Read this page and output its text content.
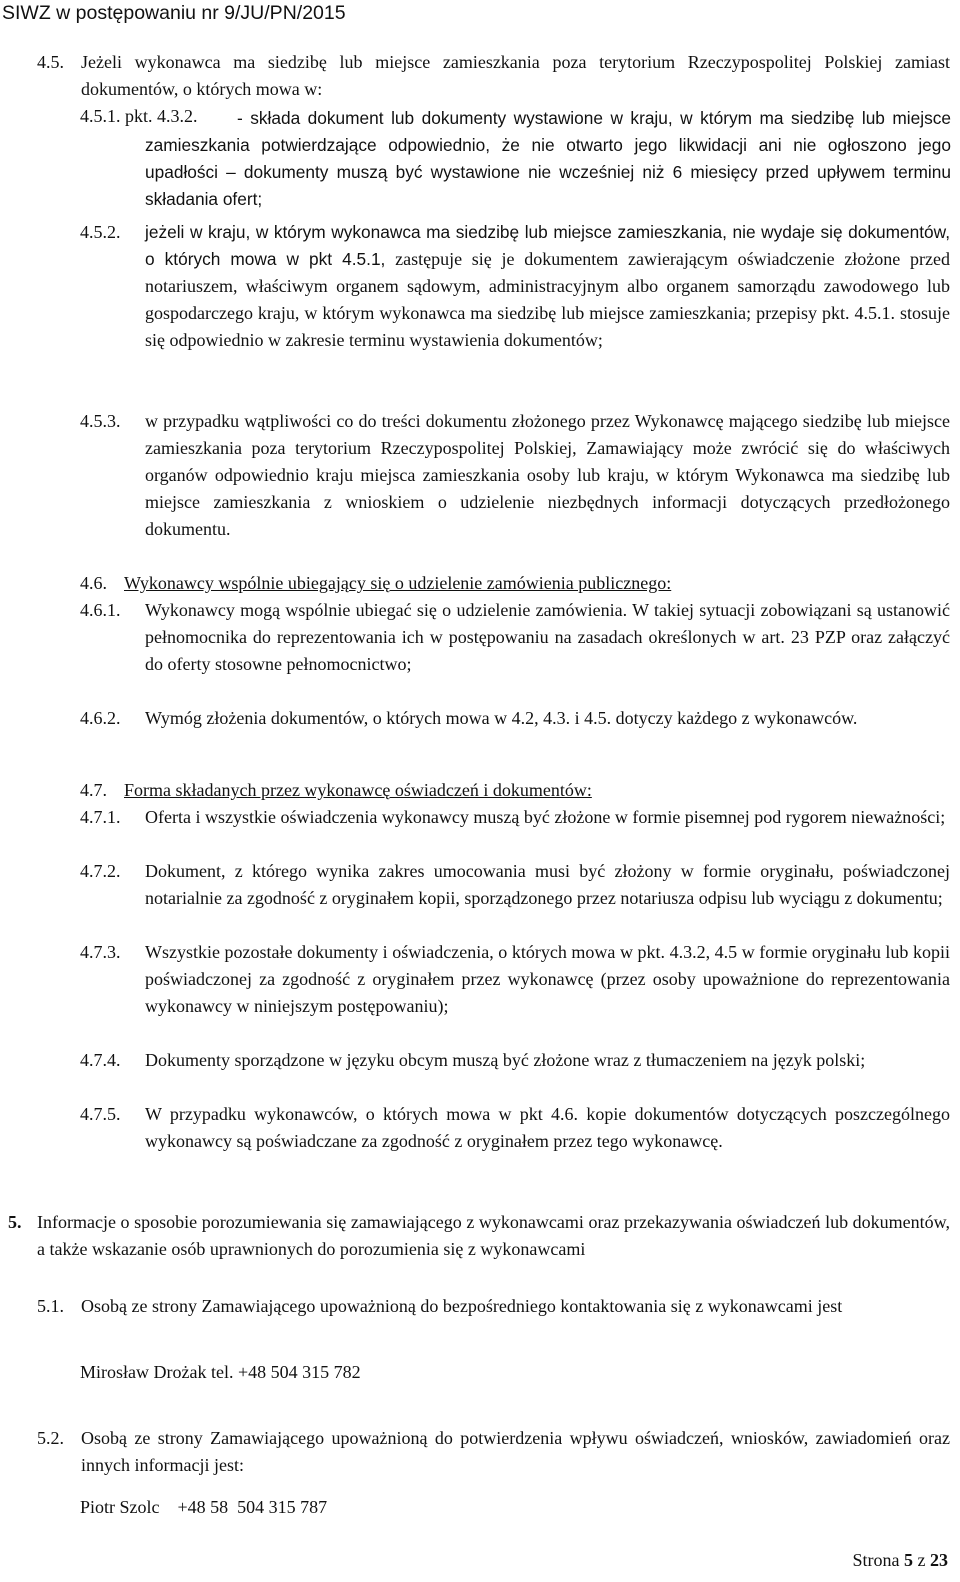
SIWZ w postępowaniu nr 9/JU/PN/2015
4.5. Jeżeli wykonawca ma siedzibę lub miejsce zamieszkania poza terytorium Rzeczypospolitej Polskiej zamiast dokumentów, o których mowa w:
4.5.1. pkt. 4.3.2.	- składa dokument lub dokumenty wystawione w kraju, w którym ma siedzibę lub miejsce zamieszkania potwierdzające odpowiednio, że nie otwarto jego likwidacji ani nie ogłoszono jego upadłości – dokumenty muszą być wystawione nie wcześniej niż 6 miesięcy przed upływem terminu składania ofert;
4.5.2.	jeżeli w kraju, w którym wykonawca ma siedzibę lub miejsce zamieszkania, nie wydaje się dokumentów, o których mowa w pkt 4.5.1, zastępuje się je dokumentem zawierającym oświadczenie złożone przed notariuszem, właściwym organem sądowym, administracyjnym albo organem samorządu zawodowego lub gospodarczego kraju, w którym wykonawca ma siedzibę lub miejsce zamieszkania; przepisy pkt. 4.5.1. stosuje się odpowiednio w zakresie terminu wystawienia dokumentów;
4.5.3.	w przypadku wątpliwości co do treści dokumentu złożonego przez Wykonawcę mającego siedzibę lub miejsce zamieszkania poza terytorium Rzeczypospolitej Polskiej, Zamawiający może zwrócić się do właściwych organów odpowiednio kraju miejsca zamieszkania osoby lub kraju, w którym Wykonawca ma siedzibę lub miejsce zamieszkania z wnioskiem o udzielenie niezbędnych informacji dotyczących przedłożonego dokumentu.
4.6. Wykonawcy wspólnie ubiegający się o udzielenie zamówienia publicznego:
4.6.1.	Wykonawcy mogą wspólnie ubiegać się o udzielenie zamówienia. W takiej sytuacji zobowiązani są ustanowić pełnomocnika do reprezentowania ich w postępowaniu na zasadach określonych w art. 23 PZP oraz załączyć do oferty stosowne pełnomocnictwo;
4.6.2.	Wymóg złożenia dokumentów, o których mowa w 4.2, 4.3. i 4.5. dotyczy każdego z wykonawców.
4.7. Forma składanych przez wykonawcę oświadczeń i dokumentów:
4.7.1.	Oferta i wszystkie oświadczenia wykonawcy muszą być złożone w formie pisemnej pod rygorem nieważności;
4.7.2.	Dokument, z którego wynika zakres umocowania musi być złożony w formie oryginału, poświadczonej notarialnie za zgodność z oryginałem kopii, sporządzonego przez notariusza odpisu lub wyciągu z dokumentu;
4.7.3.	Wszystkie pozostałe dokumenty i oświadczenia, o których mowa w pkt. 4.3.2, 4.5 w formie oryginału lub kopii poświadczonej za zgodność z oryginałem przez wykonawcę (przez osoby upoważnione do reprezentowania wykonawcy w niniejszym postępowaniu);
4.7.4.	Dokumenty sporządzone w języku obcym muszą być złożone wraz z tłumaczeniem na język polski;
4.7.5.	W przypadku wykonawców, o których mowa w pkt 4.6. kopie dokumentów dotyczących poszczególnego wykonawcy są poświadczane za zgodność z oryginałem przez tego wykonawcę.
5. Informacje o sposobie porozumiewania się zamawiającego z wykonawcami oraz przekazywania oświadczeń lub dokumentów, a także wskazanie osób uprawnionych do porozumienia się z wykonawcami
5.1. Osobą ze strony Zamawiającego upoważnioną do bezpośredniego kontaktowania się z wykonawcami jest
Mirosław Drożak tel. +48 504 315 782
5.2. Osobą ze strony Zamawiającego upoważnioną do potwierdzenia wpływu oświadczeń, wniosków, zawiadomień oraz innych informacji jest:
Piotr Szolc    +48 58  504 315 787
Strona 5 z 23
